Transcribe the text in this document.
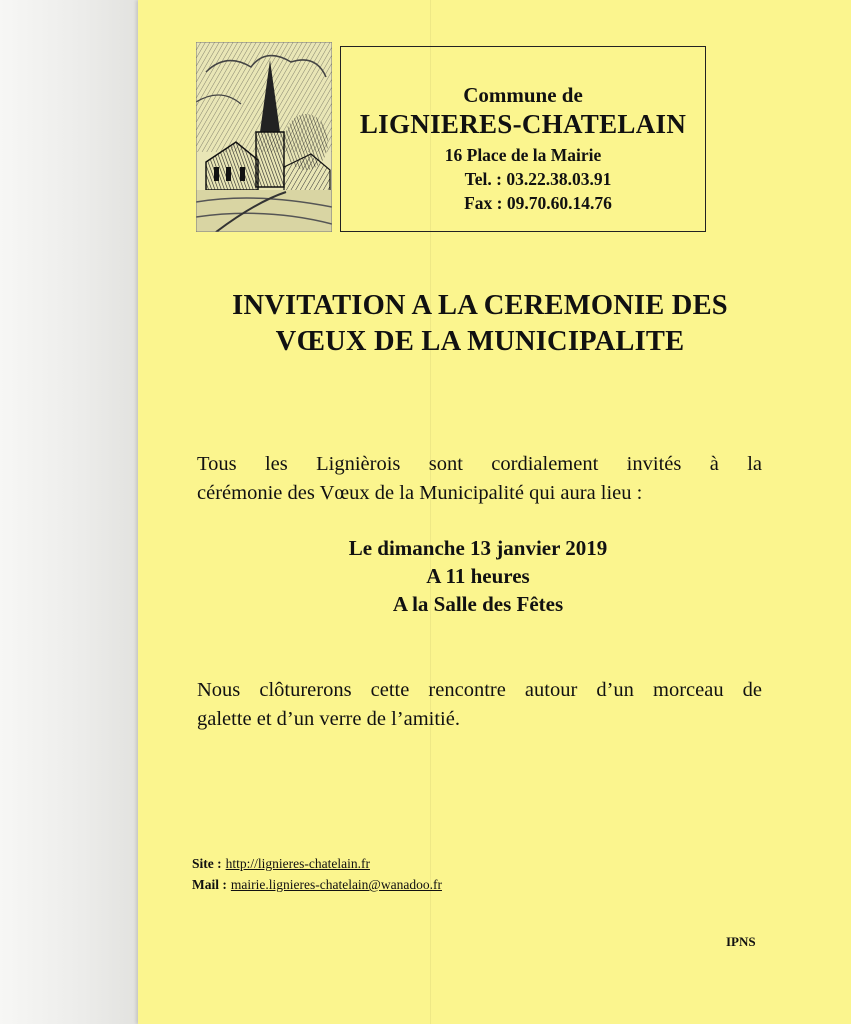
Commune de
LIGNIERES-CHATELAIN
16 Place de la Mairie
Tel. : 03.22.38.03.91
Fax : 09.70.60.14.76
INVITATION A LA CEREMONIE DES
VŒUX DE LA MUNICIPALITE
Tous les Lignièrois sont cordialement invités à la
cérémonie des Vœux de la Municipalité qui aura lieu :
Le dimanche 13 janvier 2019
A 11 heures
A la Salle des Fêtes
Nous clôturerons cette rencontre autour d’un morceau de
galette et d’un verre de l’amitié.
Site : http://lignieres-chatelain.fr
Mail : mairie.lignieres-chatelain@wanadoo.fr
IPNS
